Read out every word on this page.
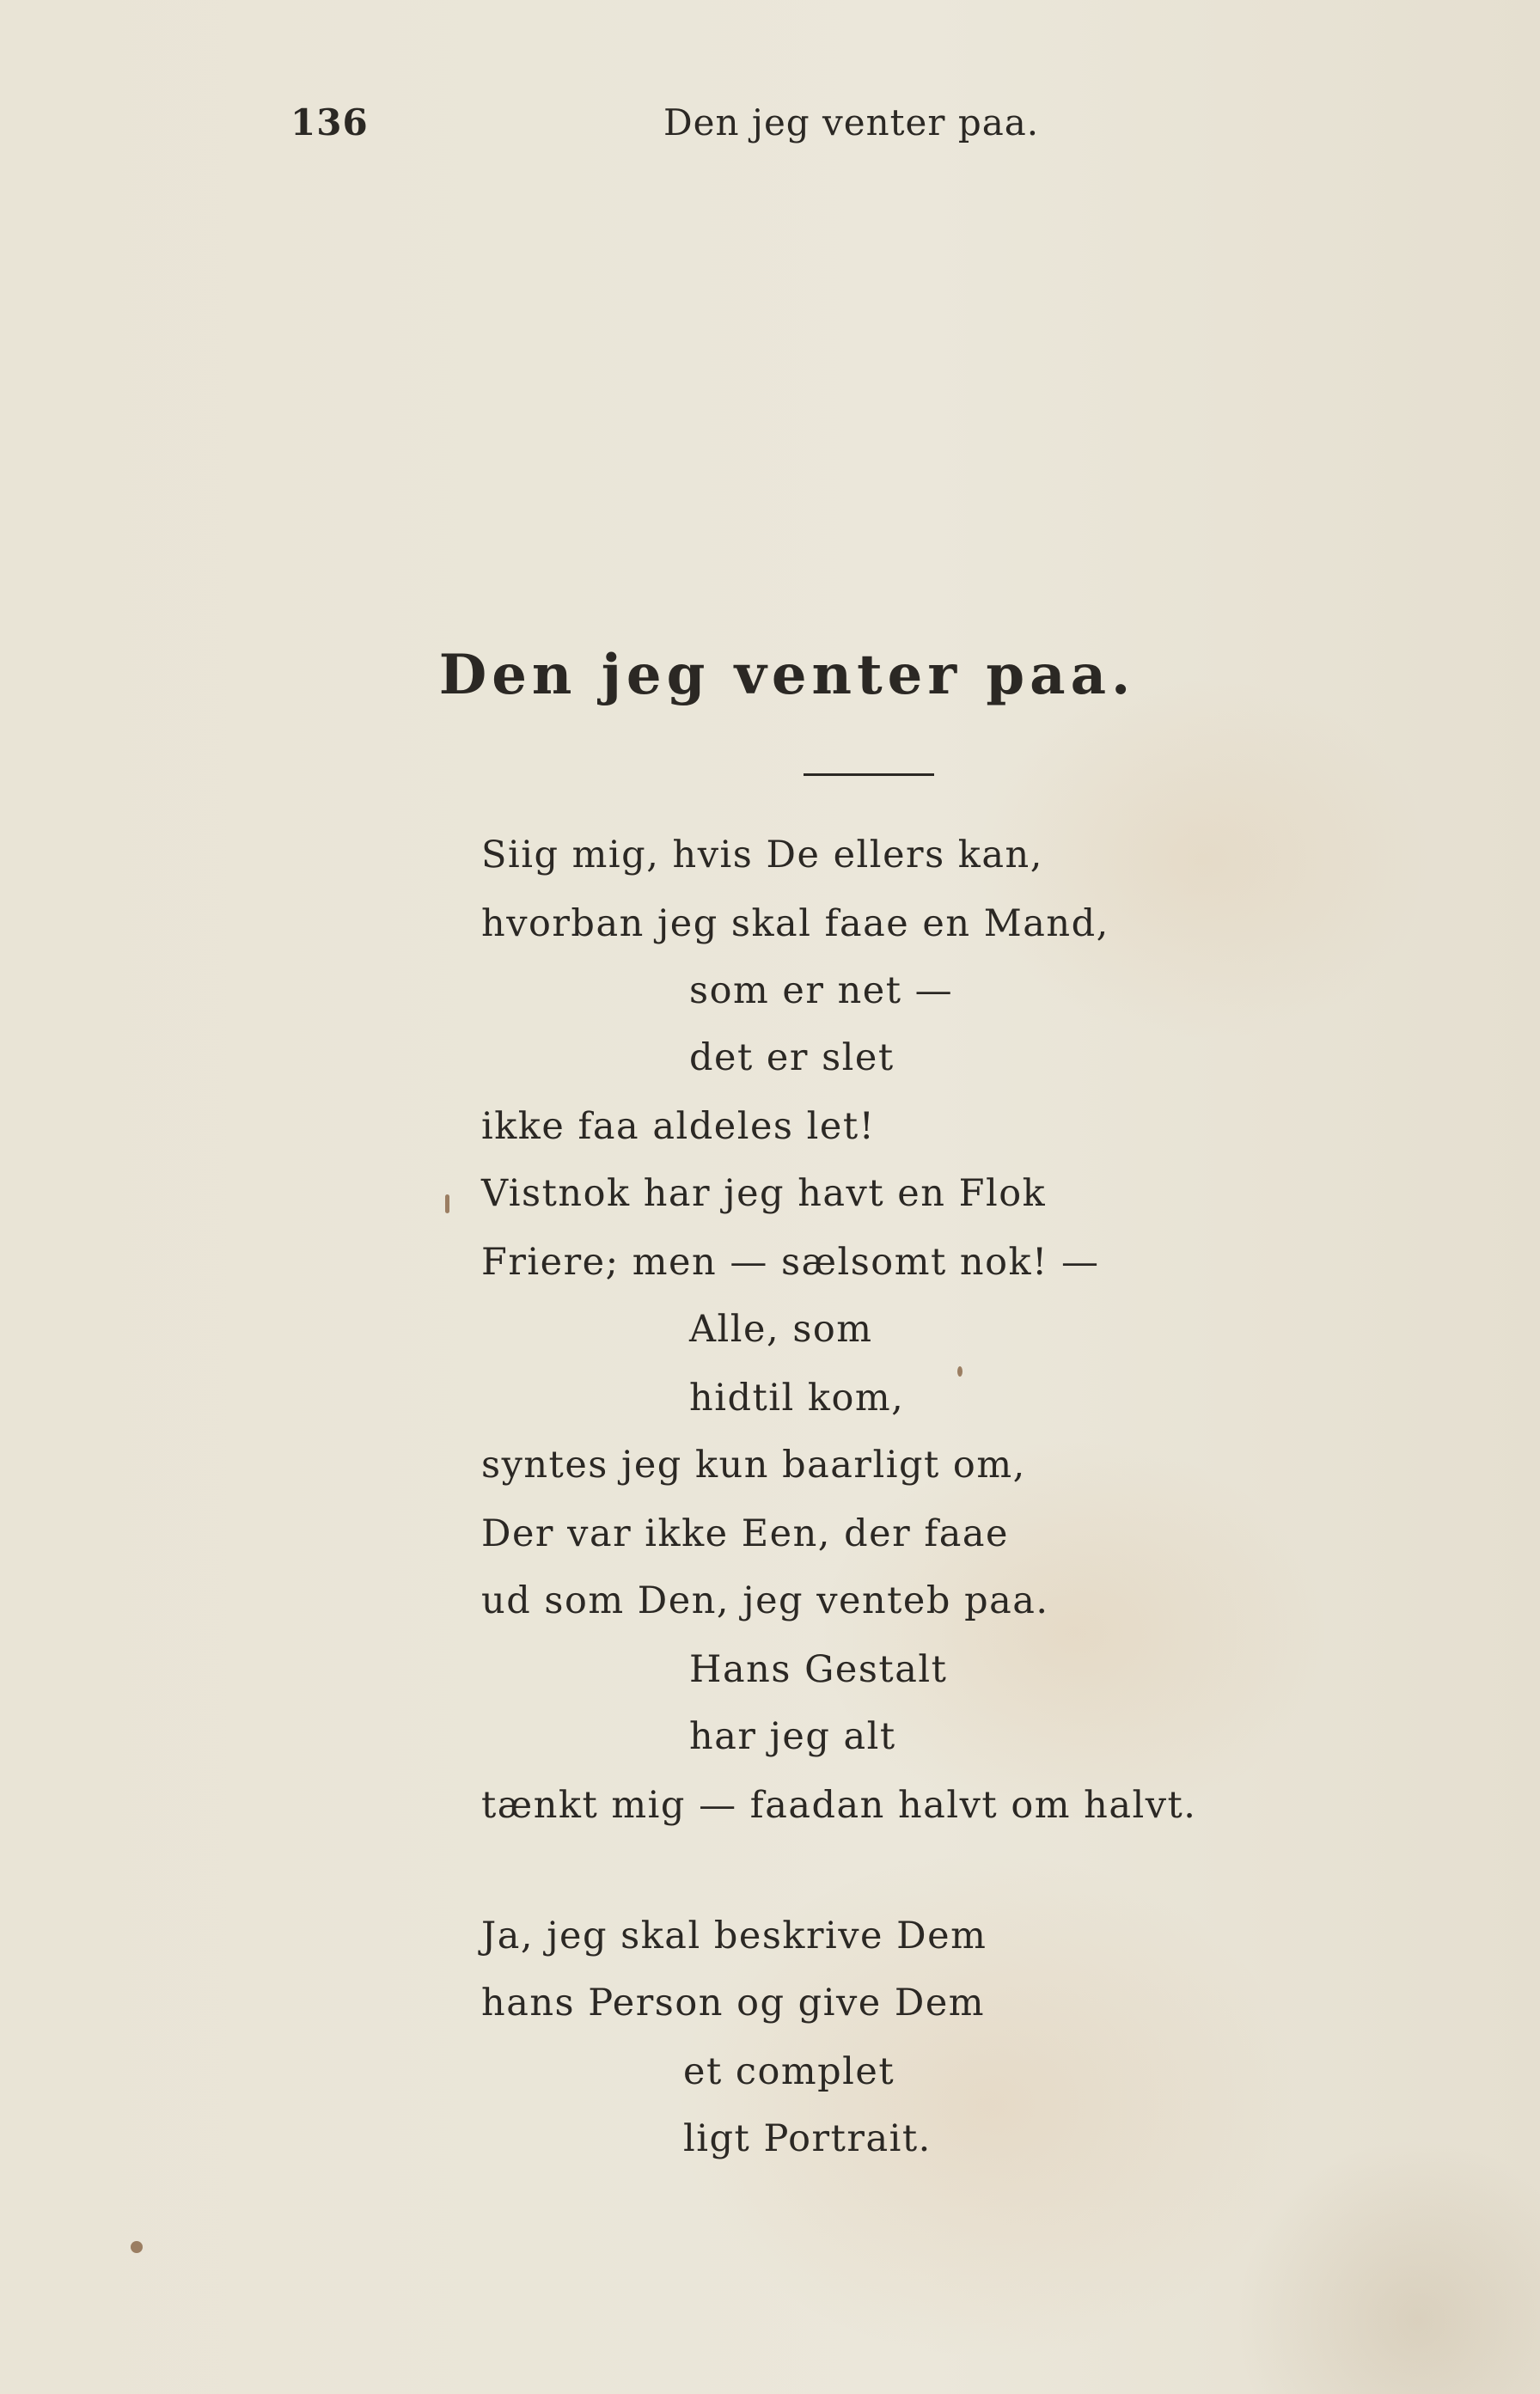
136	Den jeg venter paa.
Den jeg venter paa.
Siig mig, hvis De ellers kan,
hvorban jeg skal faae en Mand,
som er net —
det er slet
ikke faa aldeles let!
Vistnok har jeg havt en Flok
Friere; men — sælsomt nok! —
Alle, som
hidtil kom,
syntes jeg kun baarligt om,
Der var ikke Een, der faae
ud som Den, jeg venteb paa.
Hans Gestalt
har jeg alt
tænkt mig — faadan halvt om halvt.
Ja, jeg skal beskrive Dem
hans Person og give Dem
et complet
ligt Portrait.
